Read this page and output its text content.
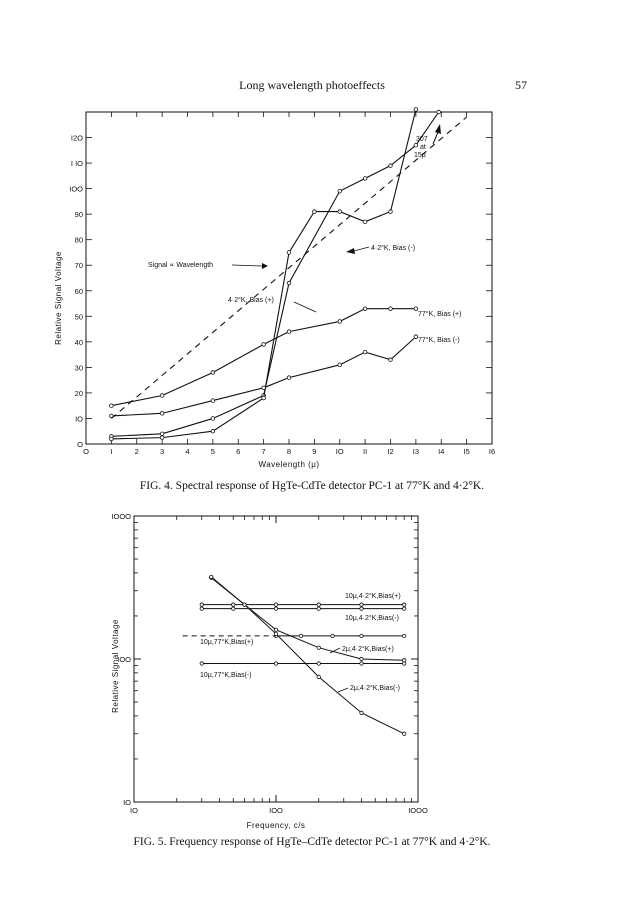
Long wavelength photoeffects	57
O	I	2	3	4	5	6	7	8	9	IO	II	I2	I3	I4	I5	I6
O
IO
20
30
40
50
60
70
80
90
IOO
I IO
I2O
Wavelength (μ)
Relative Signal Voltage	Signal ∝ Wavelength
4·2°K, Bias (+)
4·2°K, Bias (-)
77°K, Bias (+)
77°K, Bias (-)
307
at
15μ
IO
IO
IOO
IOO
IOOO
IOOO
Frequency, c/s
Relative Signal Voltage
10μ,4·2°K,Bias(+)
10μ,4·2°K,Bias(-)
10μ,77°K,Bias(+)
2μ,4·2°K,Bias(+)
10μ,77°K,Bias(-)
2μ,4·2°K,Bias(-)
FIG. 4. Spectral response of HgTe-CdTe detector PC-1 at 77°K and 4·2°K.
FIG. 5. Frequency response of HgTe–CdTe detector PC-1 at 77°K and 4·2°K.
